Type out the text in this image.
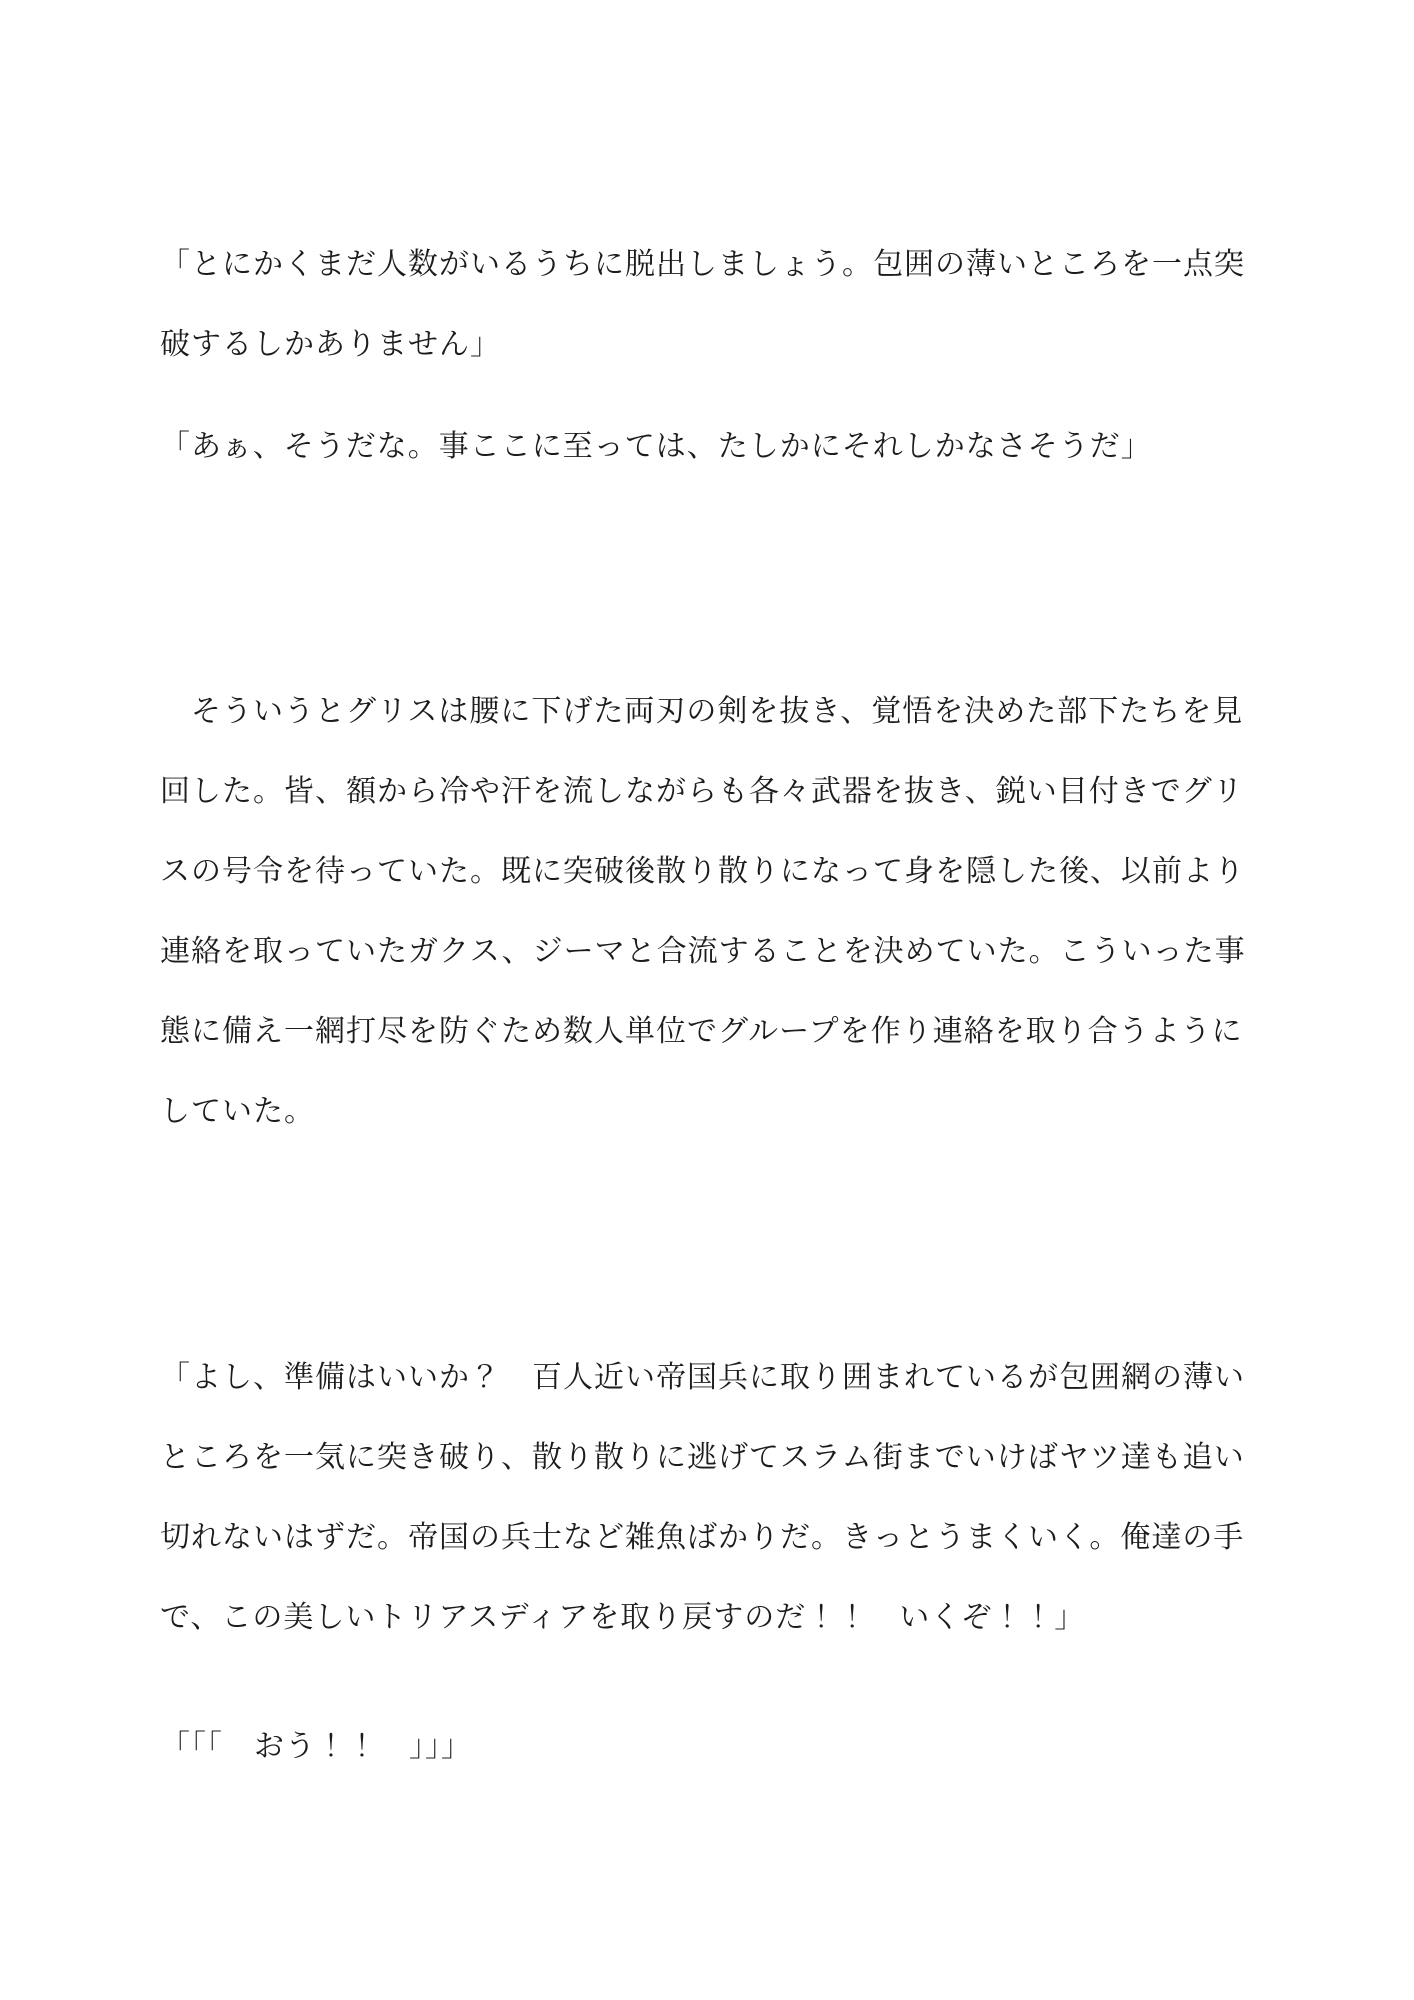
「とにかくまだ人数がいるうちに脱出しましょう。包囲の薄いところを一点突

破するしかありません」

「あぁ、そうだな。事ここに至っては、たしかにそれしかなさそうだ」

　そういうとグリスは腰に下げた両刃の剣を抜き、覚悟を決めた部下たちを見

回した。皆、額から冷や汗を流しながらも各々武器を抜き、鋭い目付きでグリ

スの号令を待っていた。既に突破後散り散りになって身を隠した後、以前より

連絡を取っていたガクス、ジーマと合流することを決めていた。こういった事

態に備え一網打尽を防ぐため数人単位でグループを作り連絡を取り合うように

していた。

「よし、準備はいいか？　百人近い帝国兵に取り囲まれているが包囲網の薄い

ところを一気に突き破り、散り散りに逃げてスラム街までいけばヤツ達も追い

切れないはずだ。帝国の兵士など雑魚ばかりだ。きっとうまくいく。俺達の手

で、この美しいトリアスディアを取り戻すのだ！！　いくぞ！！」

「「「　おう！！　」」」
